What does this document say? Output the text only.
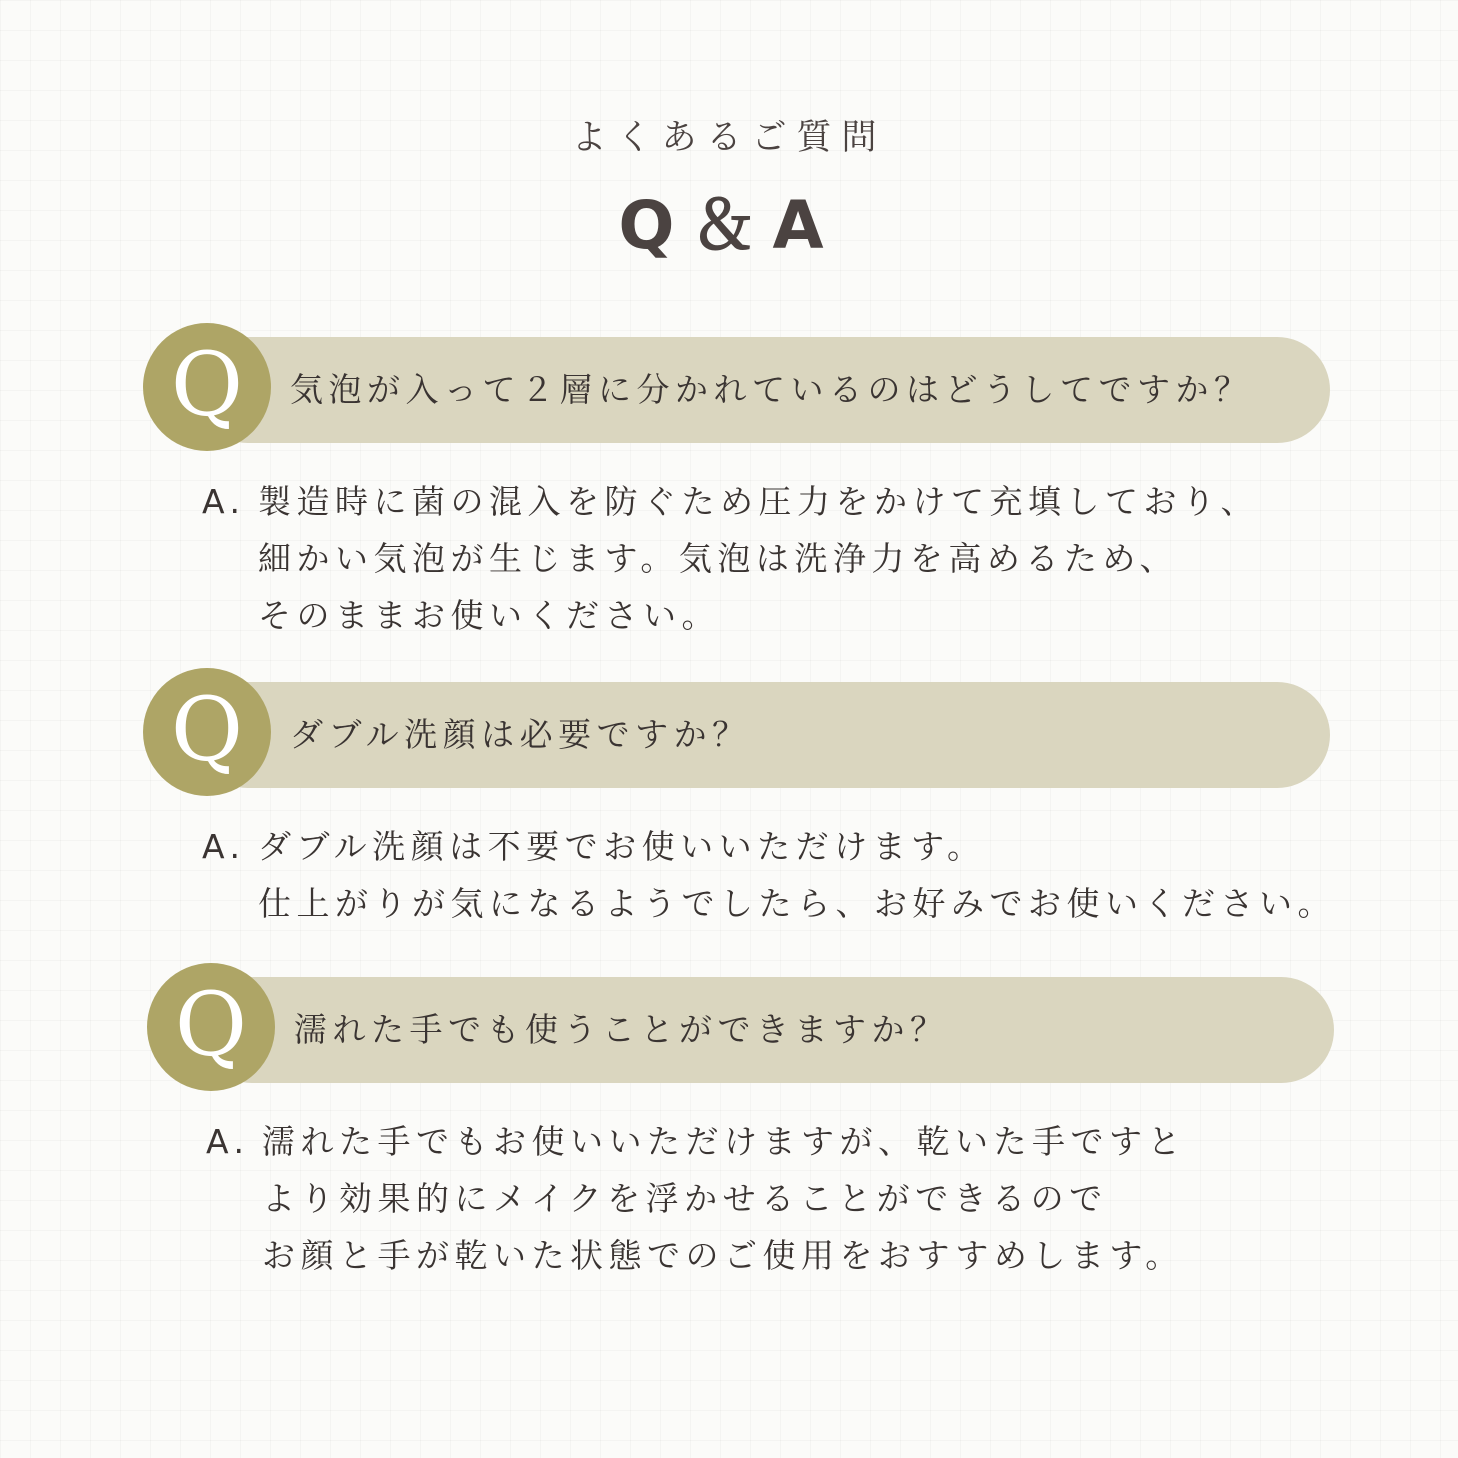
よくあるご質問
Q＆A
Q	気泡が入って２層に分かれているのはどうしてですか？
A. 製造時に菌の混入を防ぐため圧力をかけて充填しており、
細かい気泡が生じます。気泡は洗浄力を高めるため、
そのままお使いください。
Q	ダブル洗顔は必要ですか？
A. ダブル洗顔は不要でお使いいただけます。
仕上がりが気になるようでしたら、お好みでお使いください。
Q	濡れた手でも使うことができますか？
A. 濡れた手でもお使いいただけますが、乾いた手ですと
より効果的にメイクを浮かせることができるので
お顔と手が乾いた状態でのご使用をおすすめします。
